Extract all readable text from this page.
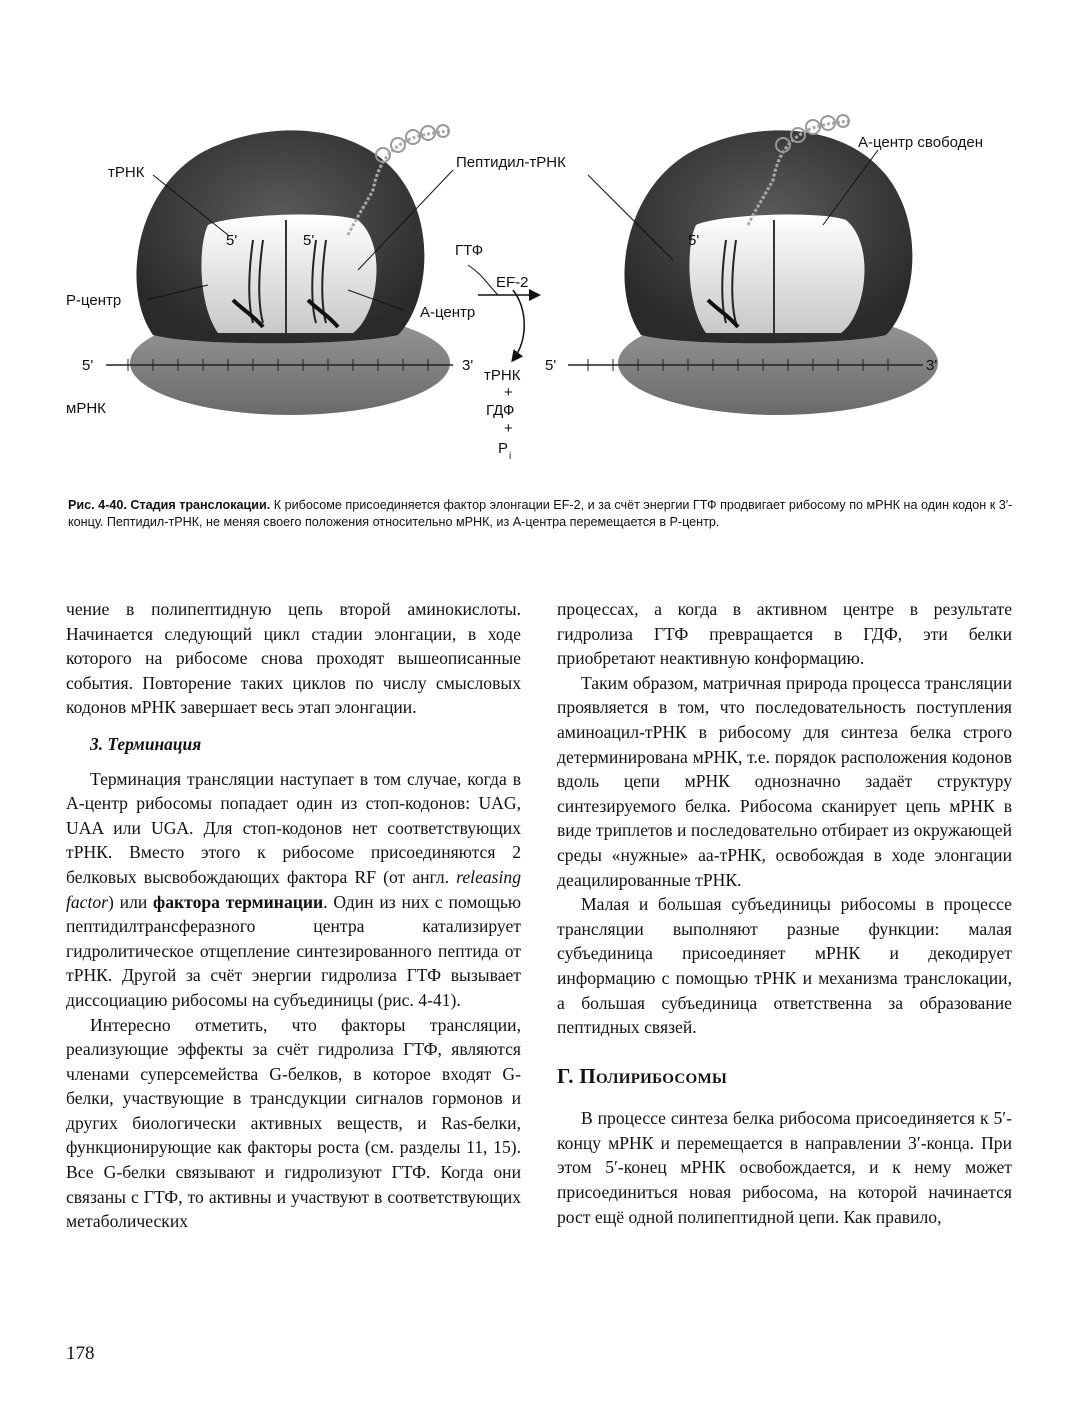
тРНК
Пептидил-тРНК
ГТФ
EF-2
Р-центр
А-центр
5'	5'
5'	3'
мРНК
А-центр свободен
5'
5'	3'
тРНК
+
ГДФ
+
P i
Рис. 4-40. Стадия транслокации. К рибосоме присоединяется фактор элонгации EF-2, и за счёт энергии ГТФ продвигает рибосому по мРНК на один кодон к 3′-концу. Пептидил-тРНК, не меняя своего положения относительно мРНК, из А-центра перемещается в Р-центр.

чение в полипептидную цепь второй аминокислоты. Начинается следующий цикл стадии элонгации, в ходе которого на рибосоме снова проходят вышеописанные события. Повторение таких циклов по числу смысловых кодонов мРНК завершает весь этап элонгации.

3. Терминация

Терминация трансляции наступает в том случае, когда в А-центр рибосомы попадает один из стоп-кодонов: UAG, UAA или UGA. Для стоп-кодонов нет соответствующих тРНК. Вместо этого к рибосоме присоединяются 2 белковых высвобождающих фактора RF (от англ. releasing factor) или фактора терминации. Один из них с помощью пептидилтрансферазного центра катализирует гидролитическое отщепление синтезированного пептида от тРНК. Другой за счёт энергии гидролиза ГТФ вызывает диссоциацию рибосомы на субъединицы (рис. 4-41).

Интересно отметить, что факторы трансляции, реализующие эффекты за счёт гидролиза ГТФ, являются членами суперсемейства G-белков, в которое входят G-белки, участвующие в трансдукции сигналов гормонов и других биологически активных веществ, и Ras-белки, функционирующие как факторы роста (см. разделы 11, 15). Все G-белки связывают и гидролизуют ГТФ. Когда они связаны с ГТФ, то активны и участвуют в соответствующих метаболических

процессах, а когда в активном центре в результате гидролиза ГТФ превращается в ГДФ, эти белки приобретают неактивную конформацию.

Таким образом, матричная природа процесса трансляции проявляется в том, что последовательность поступления аминоацил-тРНК в рибосому для синтеза белка строго детерминирована мРНК, т.е. порядок расположения кодонов вдоль цепи мРНК однозначно задаёт структуру синтезируемого белка. Рибосома сканирует цепь мРНК в виде триплетов и последовательно отбирает из окружающей среды «нужные» аа-тРНК, освобождая в ходе элонгации деацилированные тРНК.

Малая и большая субъединицы рибосомы в процессе трансляции выполняют разные функции: малая субъединица присоединяет мРНК и декодирует информацию с помощью тРНК и механизма транслокации, а большая субъединица ответственна за образование пептидных связей.

Г. Полирибосомы

В процессе синтеза белка рибосома присоединяется к 5′-концу мРНК и перемещается в направлении 3′-конца. При этом 5′-конец мРНК освобождается, и к нему может присоединиться новая рибосома, на которой начинается рост ещё одной полипептидной цепи. Как правило,

178
